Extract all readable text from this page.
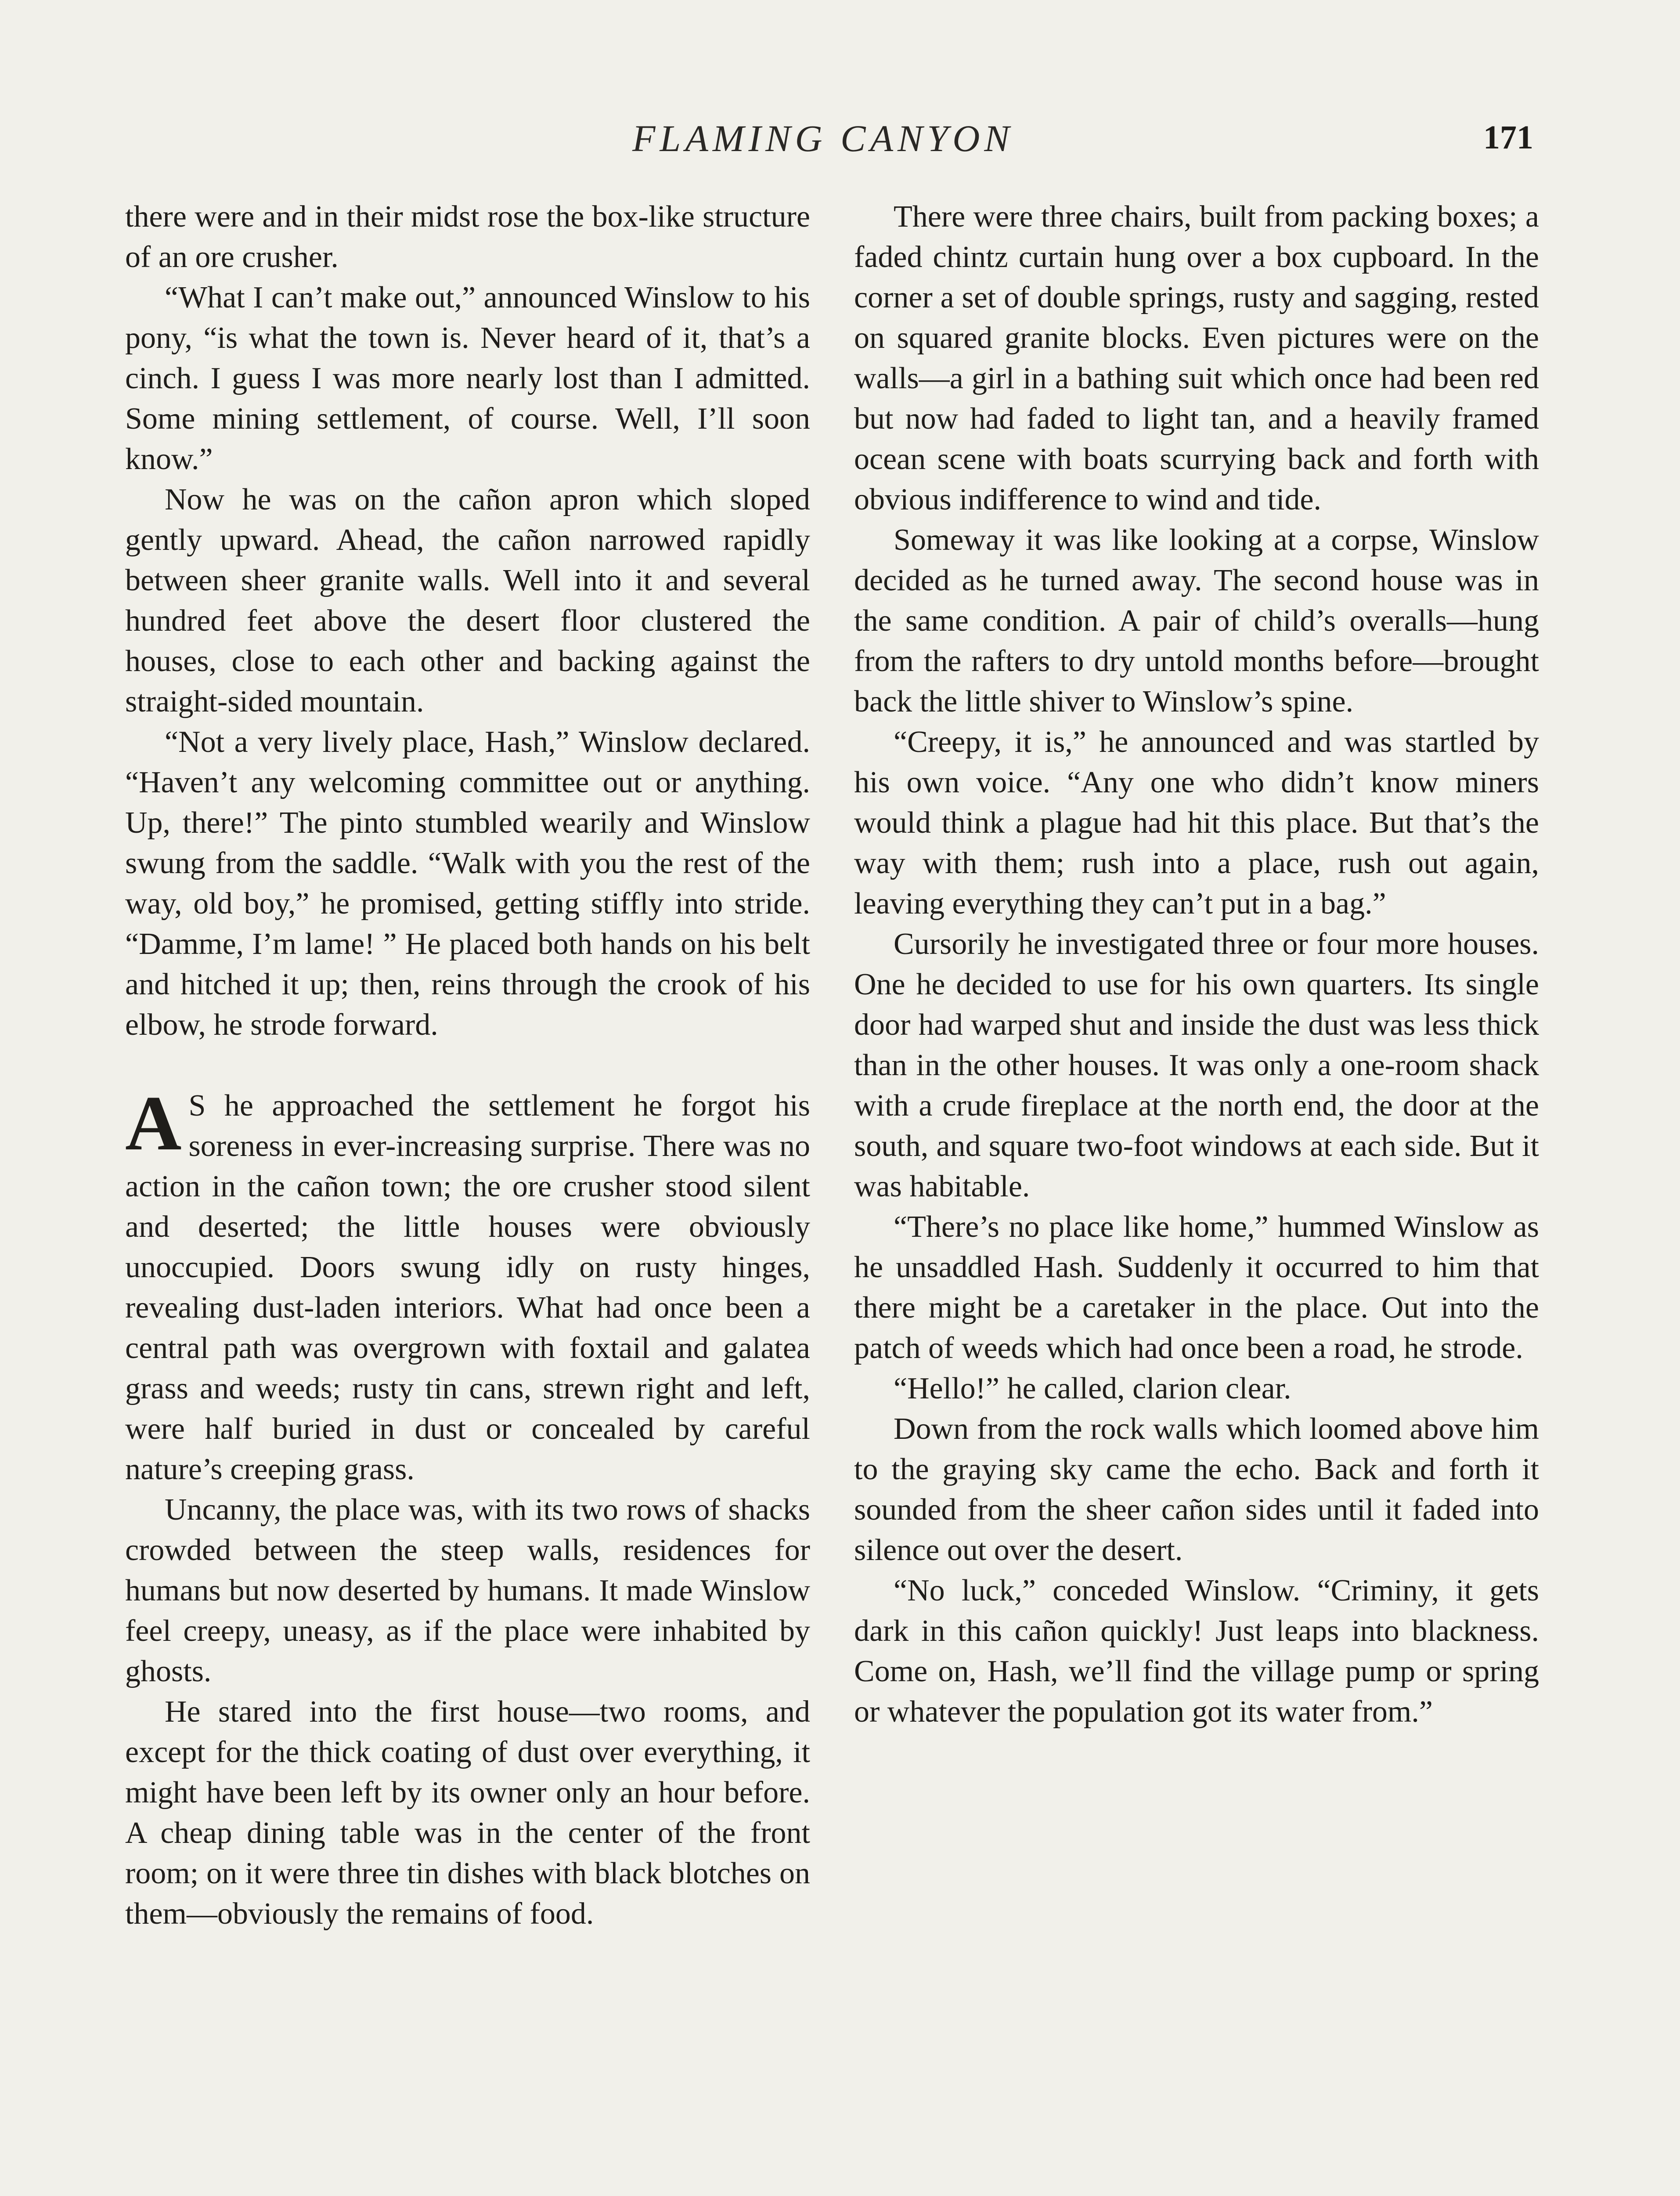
FLAMING CANYON	171

there were and in their midst rose the box-like structure of an ore crusher.

“What I can’t make out,” announced Winslow to his pony, “is what the town is. Never heard of it, that’s a cinch. I guess I was more nearly lost than I admitted. Some mining settlement, of course. Well, I’ll soon know.”

Now he was on the cañon apron which sloped gently upward. Ahead, the cañon narrowed rapidly between sheer granite walls. Well into it and several hundred feet above the desert floor clustered the houses, close to each other and backing against the straight-sided mountain.

“Not a very lively place, Hash,” Winslow declared. “Haven’t any welcoming committee out or anything. Up, there!” The pinto stumbled wearily and Winslow swung from the saddle. “Walk with you the rest of the way, old boy,” he promised, getting stiffly into stride. “Damme, I’m lame! ” He placed both hands on his belt and hitched it up; then, reins through the crook of his elbow, he strode forward.

A S he approached the settlement he forgot his soreness in ever-increasing surprise. There was no action in the cañon town; the ore crusher stood silent and deserted; the little houses were obviously unoccupied. Doors swung idly on rusty hinges, revealing dust-laden interiors. What had once been a central path was overgrown with foxtail and galatea grass and weeds; rusty tin cans, strewn right and left, were half buried in dust or concealed by careful nature’s creeping grass.

Uncanny, the place was, with its two rows of shacks crowded between the steep walls, residences for humans but now deserted by humans. It made Winslow feel creepy, uneasy, as if the place were inhabited by ghosts.

He stared into the first house—two rooms, and except for the thick coating of dust over everything, it might have been left by its owner only an hour before. A cheap dining table was in the center of the front room; on it were three tin dishes with black blotches on them—obviously the remains of food.

There were three chairs, built from packing boxes; a faded chintz curtain hung over a box cupboard. In the corner a set of double springs, rusty and sagging, rested on squared granite blocks. Even pictures were on the walls—a girl in a bathing suit which once had been red but now had faded to light tan, and a heavily framed ocean scene with boats scurrying back and forth with obvious indifference to wind and tide.

Someway it was like looking at a corpse, Winslow decided as he turned away. The second house was in the same condition. A pair of child’s overalls—hung from the rafters to dry untold months before—brought back the little shiver to Winslow’s spine.

“Creepy, it is,” he announced and was startled by his own voice. “Any one who didn’t know miners would think a plague had hit this place. But that’s the way with them; rush into a place, rush out again, leaving everything they can’t put in a bag.”

Cursorily he investigated three or four more houses. One he decided to use for his own quarters. Its single door had warped shut and inside the dust was less thick than in the other houses. It was only a one-room shack with a crude fireplace at the north end, the door at the south, and square two-foot windows at each side. But it was habitable.

“There’s no place like home,” hummed Winslow as he unsaddled Hash. Suddenly it occurred to him that there might be a caretaker in the place. Out into the patch of weeds which had once been a road, he strode.

“Hello!” he called, clarion clear.

Down from the rock walls which loomed above him to the graying sky came the echo. Back and forth it sounded from the sheer cañon sides until it faded into silence out over the desert.

“No luck,” conceded Winslow. “Criminy, it gets dark in this cañon quickly! Just leaps into blackness. Come on, Hash, we’ll find the village pump or spring or whatever the population got its water from.”
